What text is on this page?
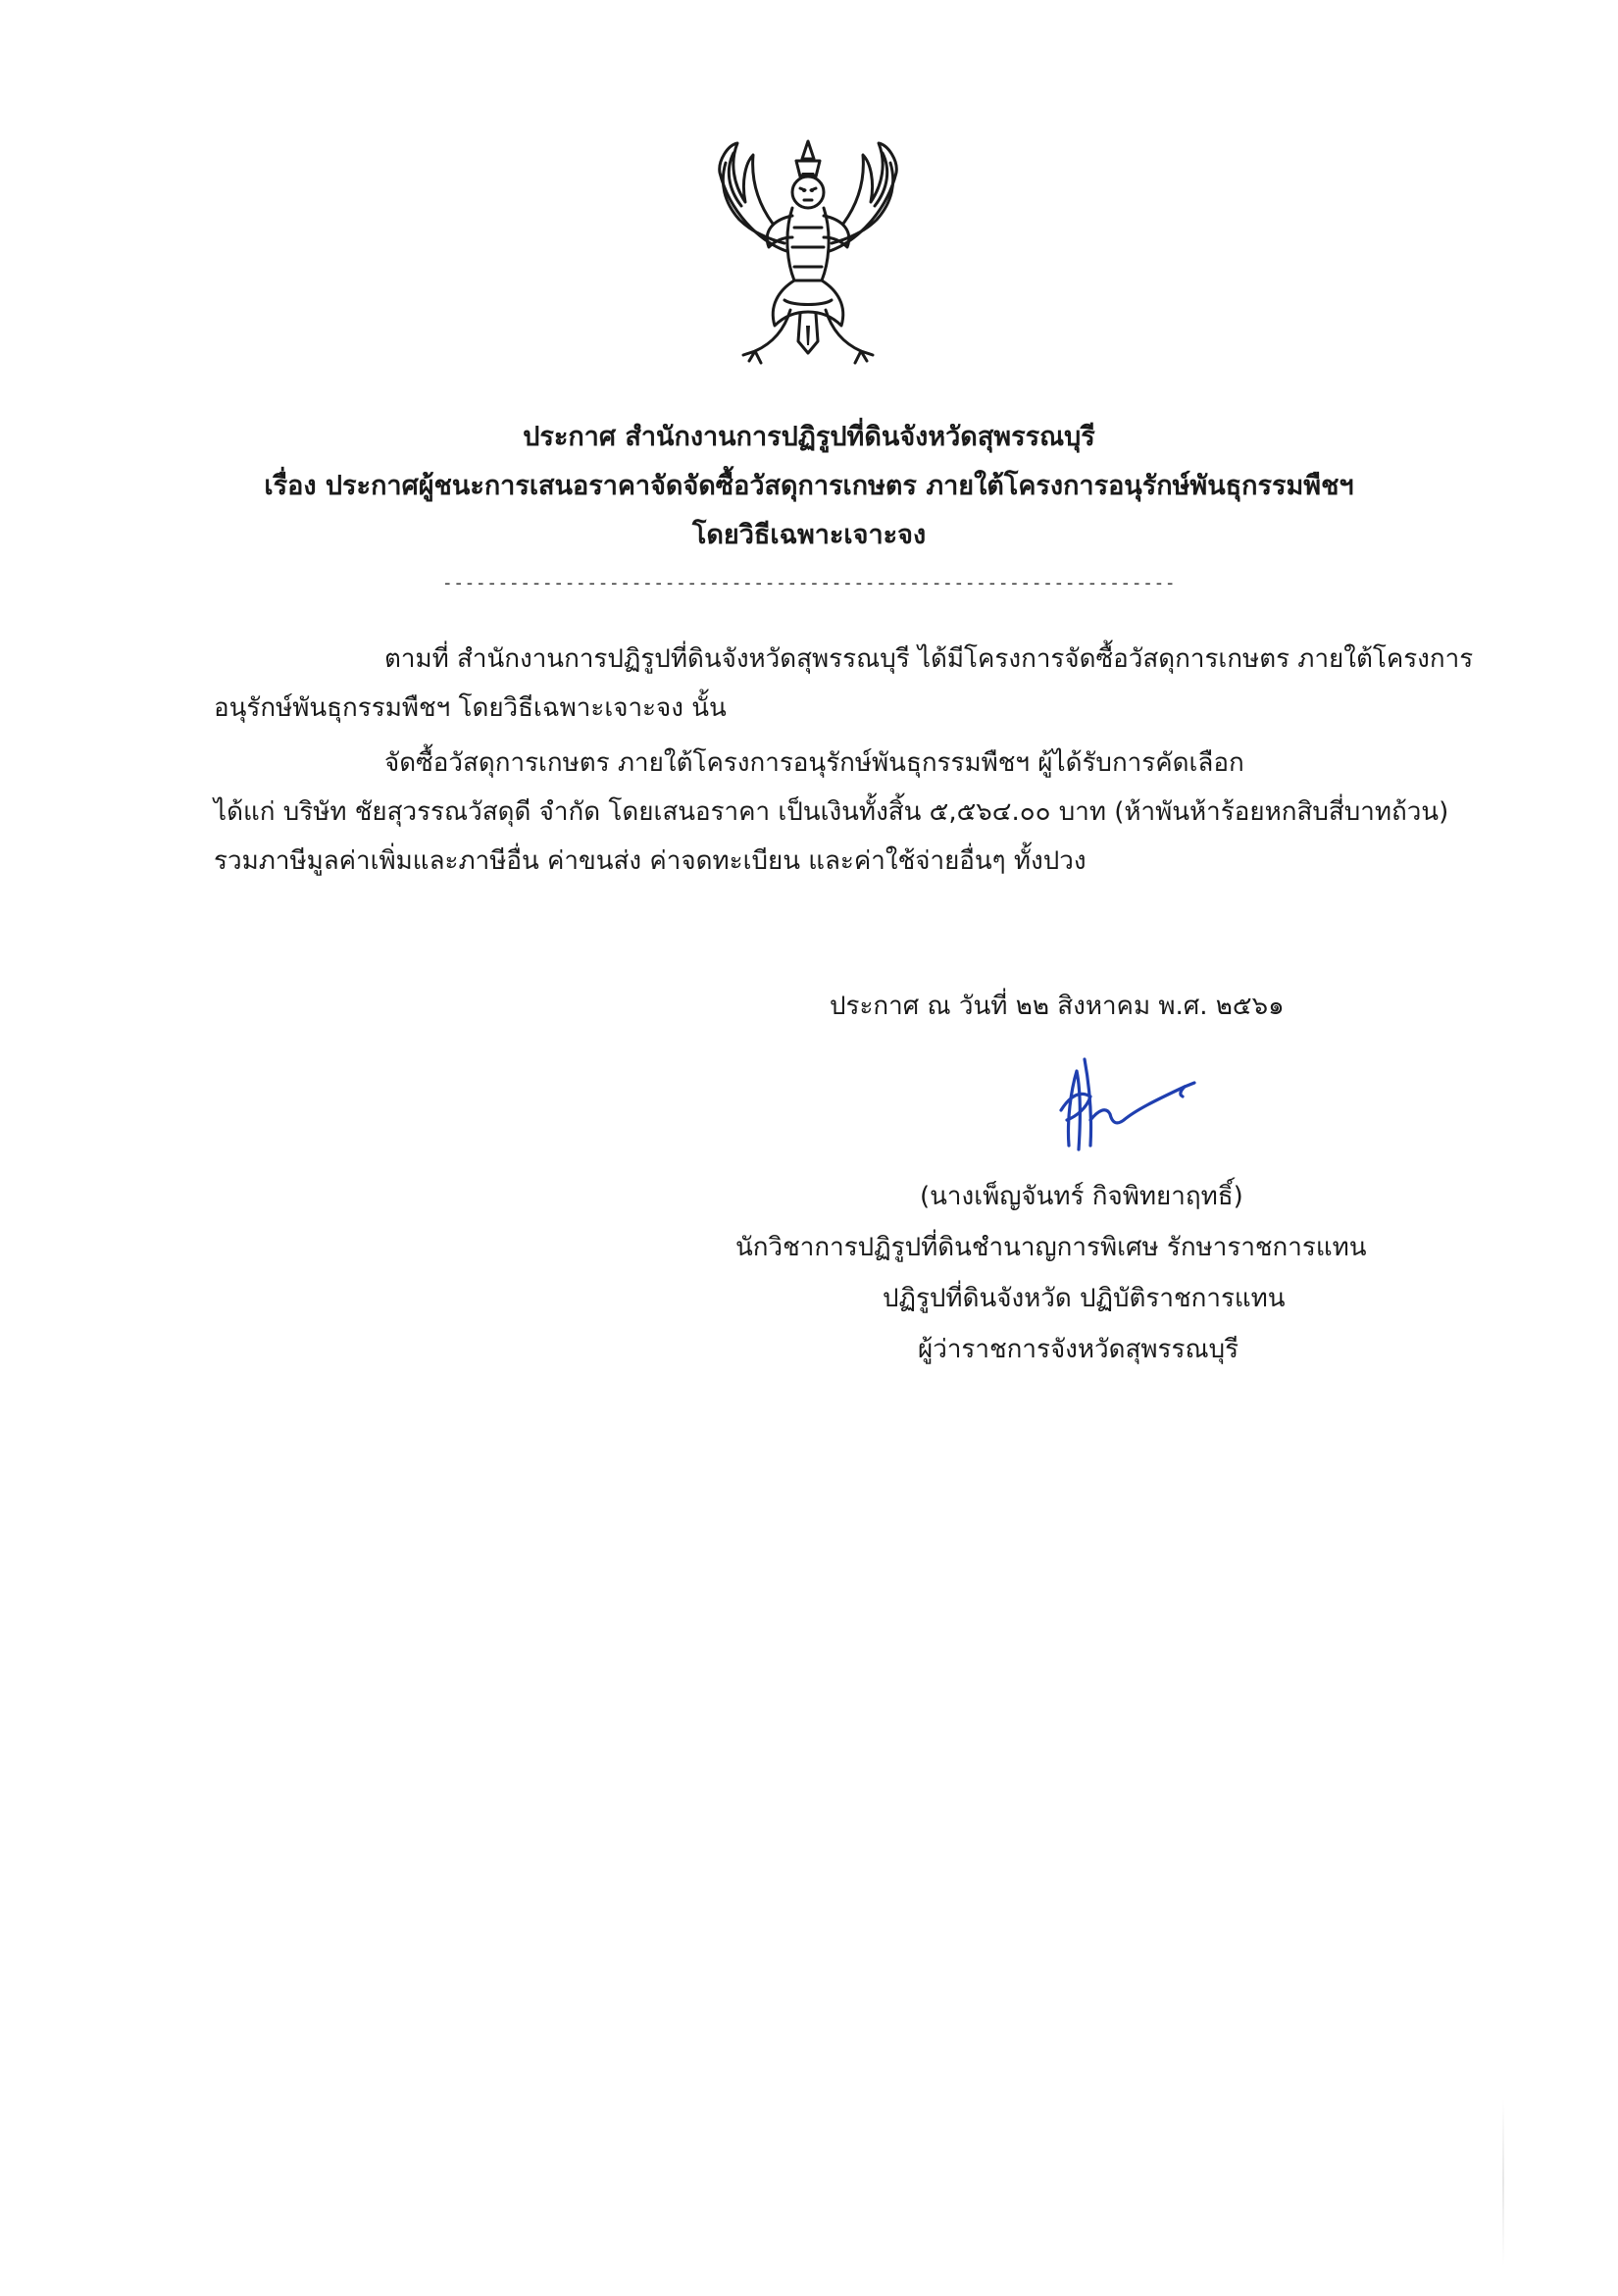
ประกาศ สำนักงานการปฏิรูปที่ดินจังหวัดสุพรรณบุรี
เรื่อง ประกาศผู้ชนะการเสนอราคาจัดจัดซื้อวัสดุการเกษตร ภายใต้โครงการอนุรักษ์พันธุกรรมพืชฯ
โดยวิธีเฉพาะเจาะจง
------------------------------------------------------------------
ตามที่ สำนักงานการปฏิรูปที่ดินจังหวัดสุพรรณบุรี ได้มีโครงการจัดซื้อวัสดุการเกษตร ภายใต้โครงการ
อนุรักษ์พันธุกรรมพืชฯ โดยวิธีเฉพาะเจาะจง นั้น
จัดซื้อวัสดุการเกษตร ภายใต้โครงการอนุรักษ์พันธุกรรมพืชฯ ผู้ได้รับการคัดเลือก
ได้แก่ บริษัท ชัยสุวรรณวัสดุดี จำกัด โดยเสนอราคา เป็นเงินทั้งสิ้น ๕,๕๖๔.๐๐ บาท (ห้าพันห้าร้อยหกสิบสี่บาทถ้วน)
รวมภาษีมูลค่าเพิ่มและภาษีอื่น ค่าขนส่ง ค่าจดทะเบียน และค่าใช้จ่ายอื่นๆ ทั้งปวง
ประกาศ ณ วันที่ ๒๒ สิงหาคม พ.ศ. ๒๕๖๑
(นางเพ็ญจันทร์ กิจพิทยาฤทธิ์)
นักวิชาการปฏิรูปที่ดินชำนาญการพิเศษ รักษาราชการแทน
ปฏิรูปที่ดินจังหวัด ปฏิบัติราชการแทน
ผู้ว่าราชการจังหวัดสุพรรณบุรี
